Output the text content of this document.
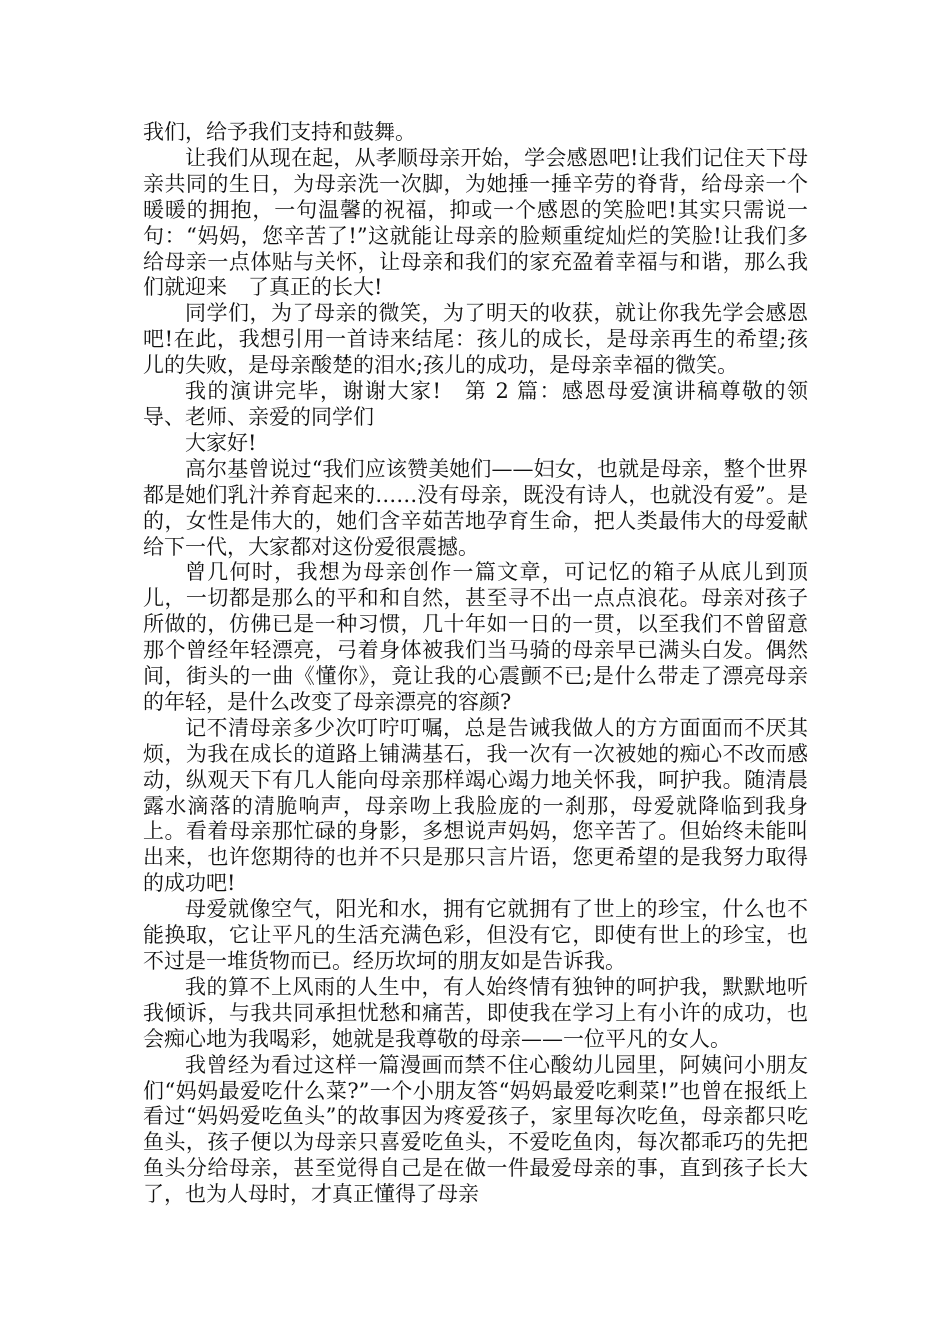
我们，给予我们支持和鼓舞。

让我们从现在起，从孝顺母亲开始，学会感恩吧!让我们记住天下母亲共同的生日，为母亲洗一次脚，为她捶一捶辛劳的脊背，给母亲一个暖暖的拥抱，一句温馨的祝福，抑或一个感恩的笑脸吧!其实只需说一句：“妈妈，您辛苦了!”这就能让母亲的脸颊重绽灿烂的笑脸!让我们多给母亲一点体贴与关怀，让母亲和我们的家充盈着幸福与和谐，那么我们就迎来　了真正的长大!

同学们，为了母亲的微笑，为了明天的收获，就让你我先学会感恩吧!在此，我想引用一首诗来结尾：孩儿的成长，是母亲再生的希望;孩儿的失败，是母亲酸楚的泪水;孩儿的成功，是母亲幸福的微笑。

我的演讲完毕，谢谢大家!　第 2 篇：感恩母爱演讲稿尊敬的领导、老师、亲爱的同学们

大家好!

高尔基曾说过“我们应该赞美她们——妇女，也就是母亲，整个世界都是她们乳汁养育起来的……没有母亲，既没有诗人，也就没有爱”。是的，女性是伟大的，她们含辛茹苦地孕育生命，把人类最伟大的母爱献给下一代，大家都对这份爱很震撼。

曾几何时，我想为母亲创作一篇文章，可记忆的箱子从底儿到顶儿，一切都是那么的平和和自然，甚至寻不出一点点浪花。母亲对孩子所做的，仿佛已是一种习惯，几十年如一日的一贯，以至我们不曾留意那个曾经年轻漂亮，弓着身体被我们当马骑的母亲早已满头白发。偶然间，街头的一曲《懂你》，竟让我的心震颤不已;是什么带走了漂亮母亲的年轻，是什么改变了母亲漂亮的容颜?

记不清母亲多少次叮咛叮嘱，总是告诫我做人的方方面面而不厌其烦，为我在成长的道路上铺满基石，我一次有一次被她的痴心不改而感动，纵观天下有几人能向母亲那样竭心竭力地关怀我，呵护我。随清晨露水滴落的清脆响声，母亲吻上我脸庞的一刹那，母爱就降临到我身上。看着母亲那忙碌的身影，多想说声妈妈，您辛苦了。但始终未能叫出来，也许您期待的也并不只是那只言片语，您更希望的是我努力取得的成功吧!

母爱就像空气，阳光和水，拥有它就拥有了世上的珍宝，什么也不能换取，它让平凡的生活充满色彩，但没有它，即使有世上的珍宝，也不过是一堆货物而已。经历坎坷的朋友如是告诉我。

我的算不上风雨的人生中，有人始终情有独钟的呵护我，默默地听我倾诉，与我共同承担忧愁和痛苦，即使我在学习上有小许的成功，也会痴心地为我喝彩，她就是我尊敬的母亲——一位平凡的女人。

我曾经为看过这样一篇漫画而禁不住心酸幼儿园里，阿姨问小朋友们“妈妈最爱吃什么菜?”一个小朋友答“妈妈最爱吃剩菜!”也曾在报纸上看过“妈妈爱吃鱼头”的故事因为疼爱孩子，家里每次吃鱼，母亲都只吃鱼头，孩子便以为母亲只喜爱吃鱼头，不爱吃鱼肉，每次都乖巧的先把鱼头分给母亲，甚至觉得自己是在做一件最爱母亲的事，直到孩子长大了，也为人母时，才真正懂得了母亲
